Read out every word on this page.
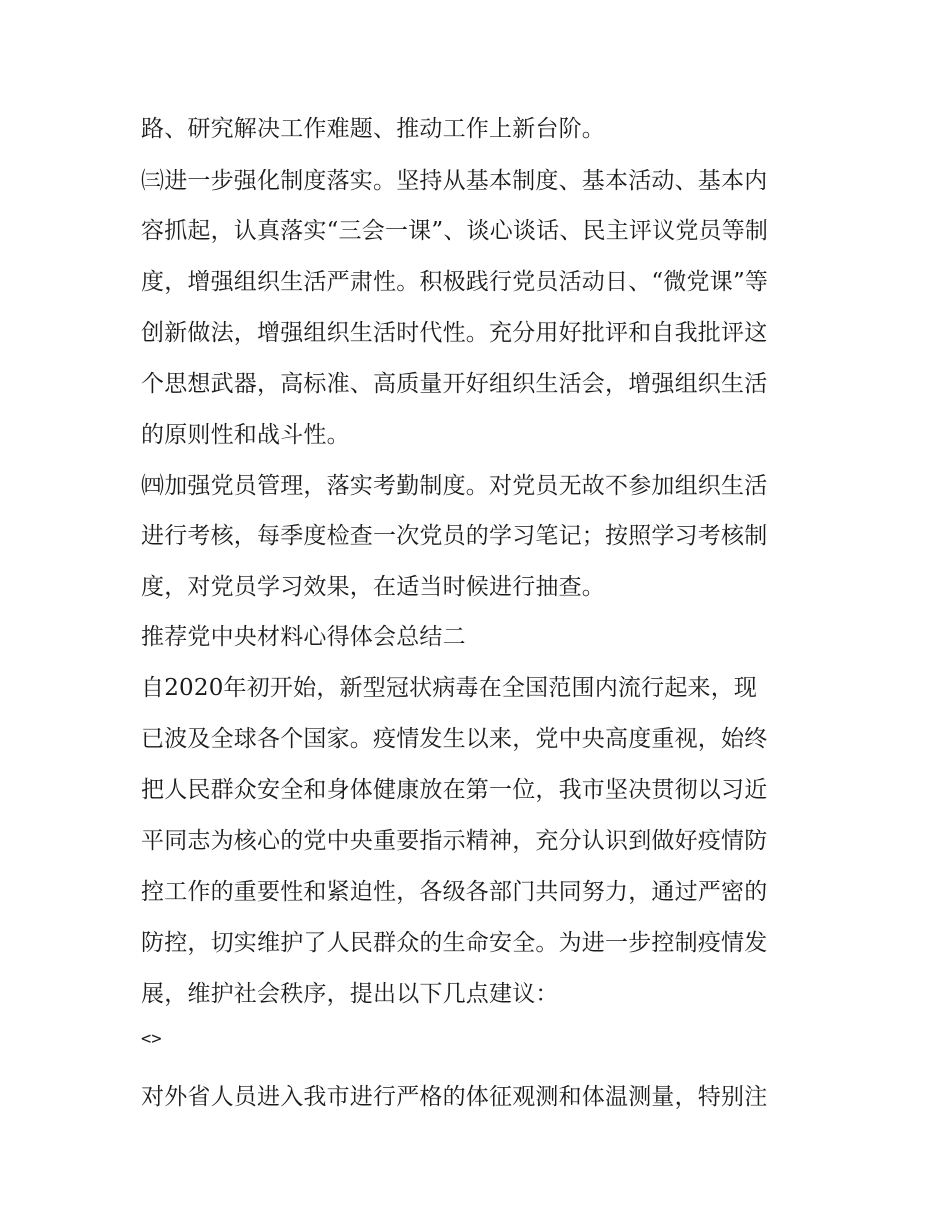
路、研究解决工作难题、推动工作上新台阶。

㈢进一步强化制度落实。坚持从基本制度、基本活动、基本内

容抓起，认真落实“三会一课”、谈心谈话、民主评议党员等制

度，增强组织生活严肃性。积极践行党员活动日、“微党课”等

创新做法，增强组织生活时代性。充分用好批评和自我批评这

个思想武器，高标准、高质量开好组织生活会，增强组织生活

的原则性和战斗性。

㈣加强党员管理，落实考勤制度。对党员无故不参加组织生活

进行考核，每季度检查一次党员的学习笔记；按照学习考核制

度，对党员学习效果，在适当时候进行抽查。

推荐党中央材料心得体会总结二

自2020年初开始，新型冠状病毒在全国范围内流行起来，现

已波及全球各个国家。疫情发生以来，党中央高度重视，始终

把人民群众安全和身体健康放在第一位，我市坚决贯彻以习近

平同志为核心的党中央重要指示精神，充分认识到做好疫情防

控工作的重要性和紧迫性，各级各部门共同努力，通过严密的

防控，切实维护了人民群众的生命安全。为进一步控制疫情发

展，维护社会秩序，提出以下几点建议：

<>

对外省人员进入我市进行严格的体征观测和体温测量，特别注
